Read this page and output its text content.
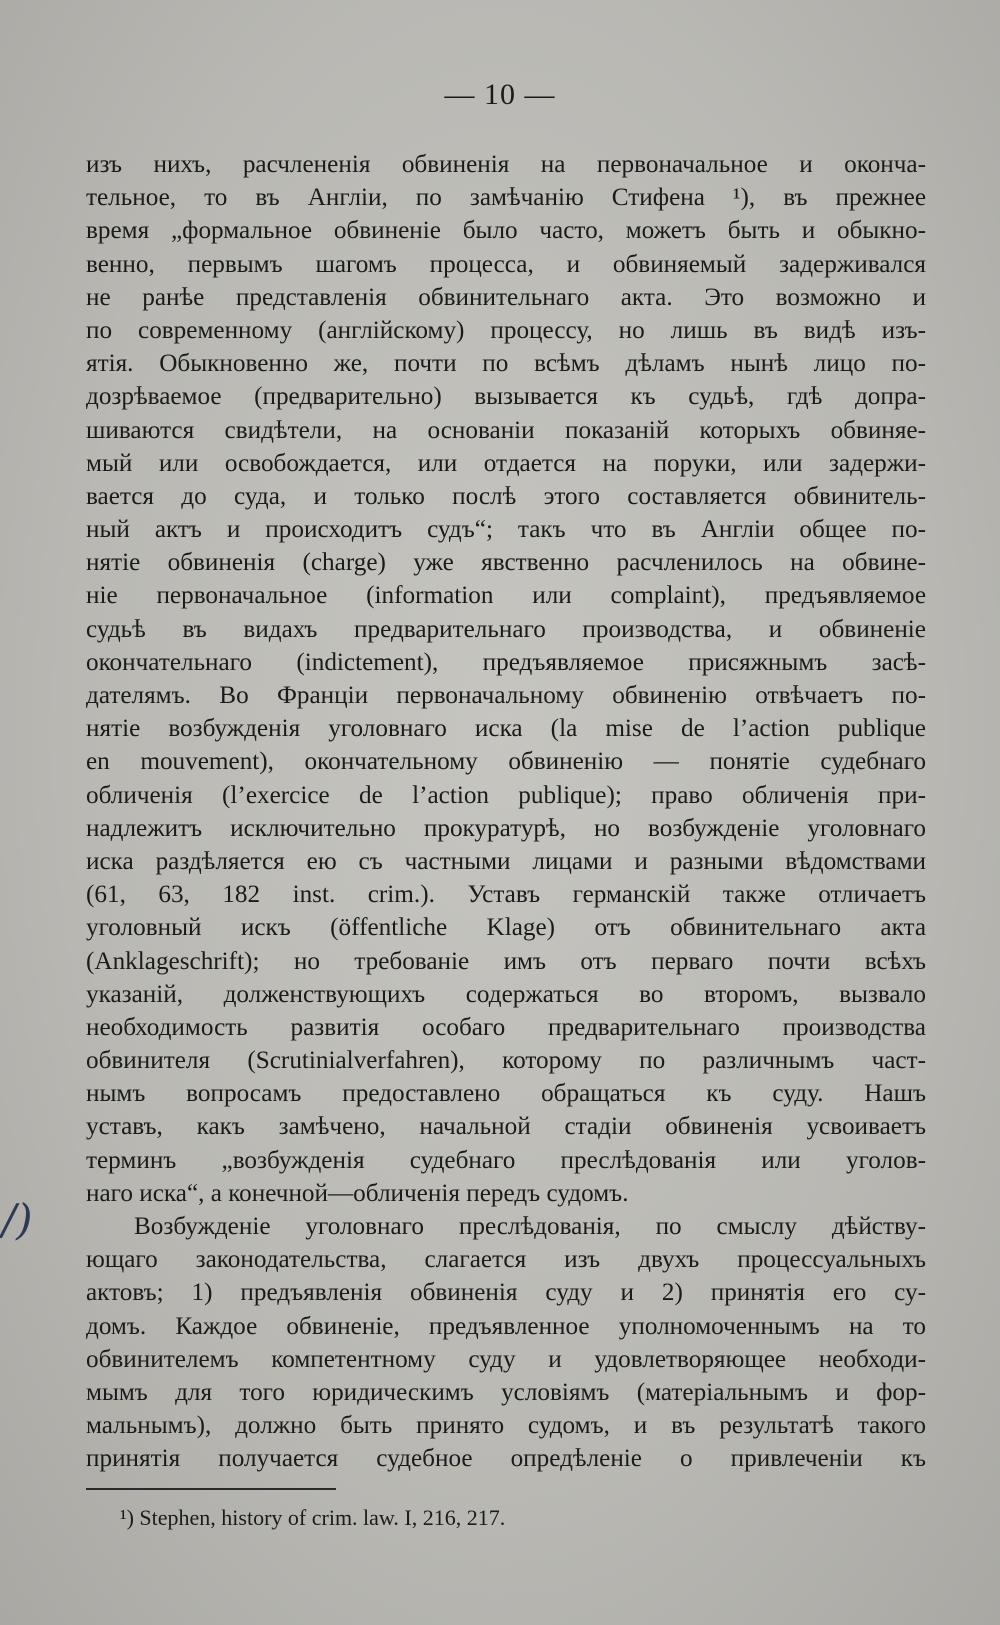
— 10 —
/)
изъ нихъ, расчлененія обвиненія на первоначальное и оконча-
тельное, то въ Англіи, по замѣчанію Стифена ¹), въ прежнее
время „формальное обвиненіе было часто, можетъ быть и обыкно-
венно, первымъ шагомъ процесса, и обвиняемый задерживался
не ранѣе представленія обвинительнаго акта. Это возможно и
по современному (англійскому) процессу, но лишь въ видѣ изъ-
ятія. Обыкновенно же, почти по всѣмъ дѣламъ нынѣ лицо по-
дозрѣваемое (предварительно) вызывается къ судьѣ, гдѣ допра-
шиваются свидѣтели, на основаніи показаній которыхъ обвиняе-
мый или освобождается, или отдается на поруки, или задержи-
вается до суда, и только послѣ этого составляется обвинитель-
ный актъ и происходитъ судъ“; такъ что въ Англіи общее по-
нятіе обвиненія (charge) уже явственно расчленилось на обвине-
ніе первоначальное (information или complaint), предъявляемое
судьѣ въ видахъ предварительнаго производства, и обвиненіе
окончательнаго (indictement), предъявляемое присяжнымъ засѣ-
дателямъ. Во Франціи первоначальному обвиненію отвѣчаетъ по-
нятіе возбужденія уголовнаго иска (la mise de l’action publique
en mouvement), окончательному обвиненію — понятіе судебнаго
обличенія (l’exercice de l’action publique); право обличенія при-
надлежитъ исключительно прокуратурѣ, но возбужденіе уголовнаго
иска раздѣляется ею съ частными лицами и разными вѣдомствами
(61, 63, 182 inst. crim.). Уставъ германскій также отличаетъ
уголовный искъ (öffentliche Klage) отъ обвинительнаго акта
(Anklageschrift); но требованіе имъ отъ перваго почти всѣхъ
указаній, долженствующихъ содержаться во второмъ, вызвало
необходимость развитія особаго предварительнаго производства
обвинителя (Scrutinialverfahren), которому по различнымъ част-
нымъ вопросамъ предоставлено обращаться къ суду. Нашъ
уставъ, какъ замѣчено, начальной стадіи обвиненія усвоиваетъ
терминъ „возбужденія судебнаго преслѣдованія или уголов-
наго иска“, а конечной—обличенія передъ судомъ.
Возбужденіе уголовнаго преслѣдованія, по смыслу дѣйству-
ющаго законодательства, слагается изъ двухъ процессуальныхъ
актовъ; 1) предъявленія обвиненія суду и 2) принятія его су-
домъ. Каждое обвиненіе, предъявленное уполномоченнымъ на то
обвинителемъ компетентному суду и удовлетворяющее необходи-
мымъ для того юридическимъ условіямъ (матеріальнымъ и фор-
мальнымъ), должно быть принято судомъ, и въ результатѣ такого
принятія получается судебное опредѣленіе о привлеченіи къ
¹) Stephen, history of crim. law. I, 216, 217.
